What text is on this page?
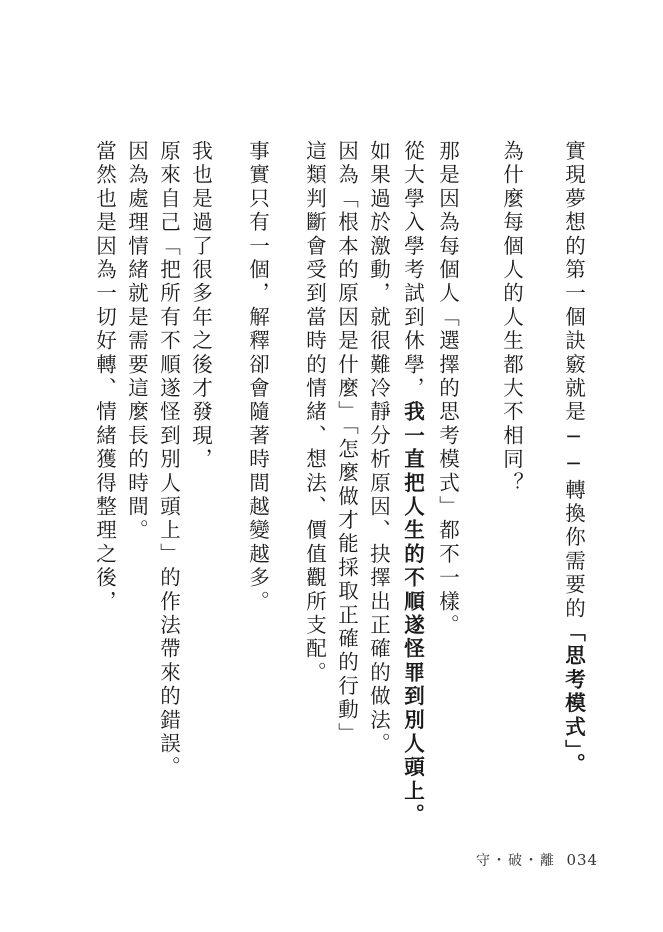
實現夢想的第一個訣竅就是──轉換你需要的「思考模式」。
為什麼每個人的人生都大不相同？
那是因為每個人「選擇的思考模式」都不一樣。
從大學入學考試到休學，我一直把人生的不順遂怪罪到別人頭上。
如果過於激動，就很難冷靜分析原因、抉擇出正確的做法。
因為「根本的原因是什麼」「怎麼做才能採取正確的行動」
這類判斷會受到當時的情緒、想法、價值觀所支配。
事實只有一個，解釋卻會隨著時間越變越多。
我也是過了很多年之後才發現，
原來自己「把所有不順遂怪到別人頭上」的作法帶來的錯誤。
因為處理情緒就是需要這麼長的時間。
當然也是因為一切好轉、情緒獲得整理之後，
守・破・離 034
